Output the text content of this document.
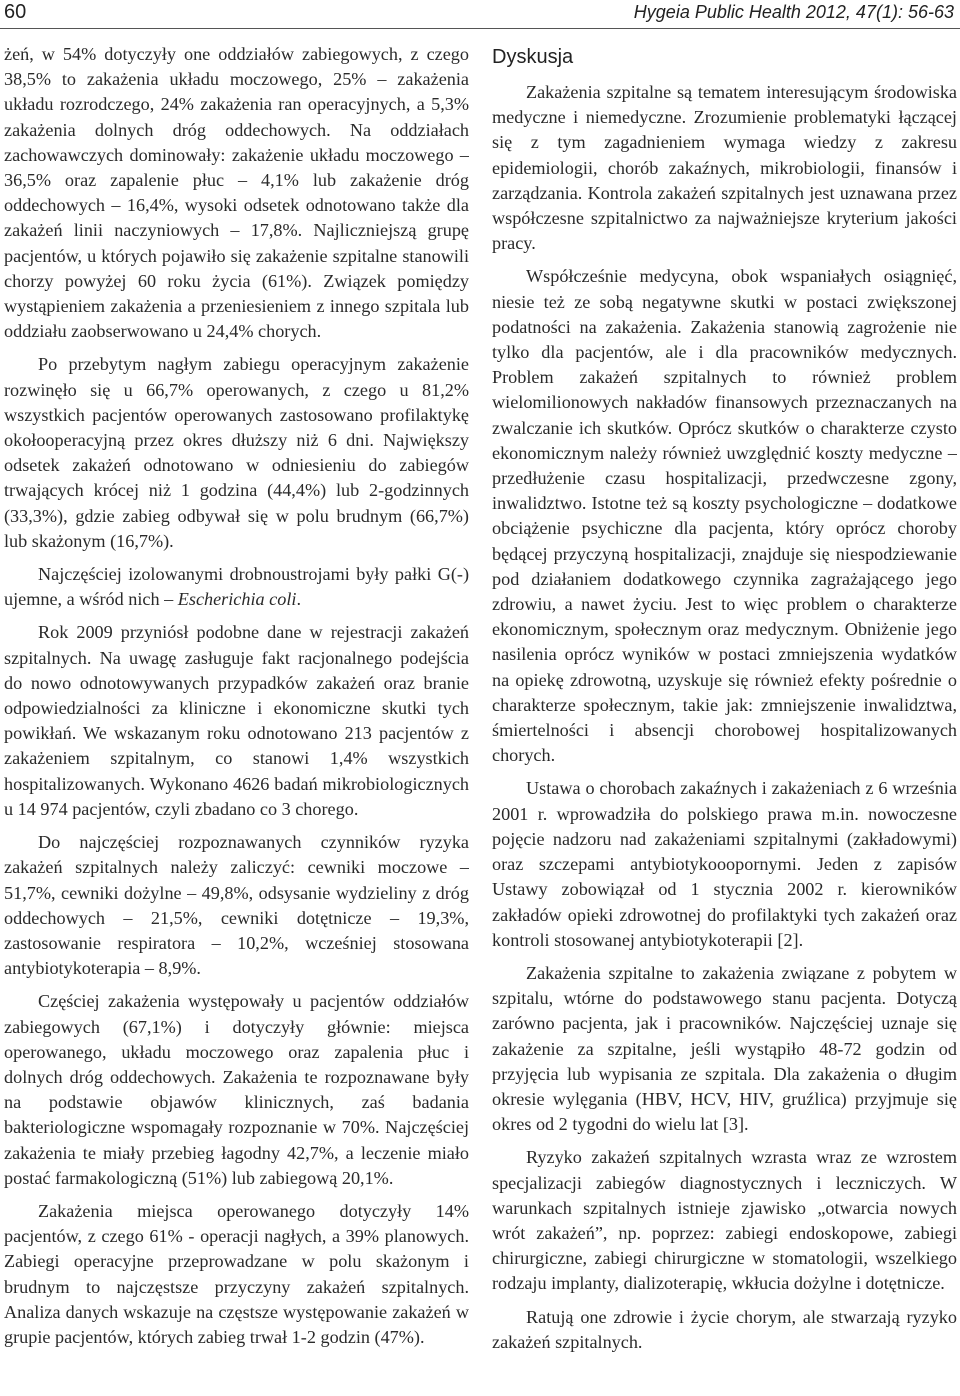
60	Hygeia Public Health 2012, 47(1): 56-63

żeń, w 54% dotyczyły one oddziałów zabiegowych, z czego 38,5% to zakażenia układu moczowego, 25% – zakażenia układu rozrodczego, 24% zakażenia ran operacyjnych, a 5,3% zakażenia dolnych dróg oddechowych. Na oddziałach zachowawczych dominowały: zakażenie układu moczowego – 36,5% oraz zapalenie płuc – 4,1% lub zakażenie dróg oddechowych – 16,4%, wysoki odsetek odnotowano także dla zakażeń linii naczyniowych – 17,8%. Najliczniejszą grupę pacjentów, u których pojawiło się zakażenie szpitalne stanowili chorzy powyżej 60 roku życia (61%). Związek pomiędzy wystąpieniem zakażenia a przeniesieniem z innego szpitala lub oddziału zaobserwowano u 24,4% chorych.

Po przebytym nagłym zabiegu operacyjnym zakażenie rozwinęło się u 66,7% operowanych, z czego u 81,2% wszystkich pacjentów operowanych zastosowano profilaktykę okołooperacyjną przez okres dłuższy niż 6 dni. Największy odsetek zakażeń odnotowano w odniesieniu do zabiegów trwających krócej niż 1 godzina (44,4%) lub 2-godzinnych (33,3%), gdzie zabieg odbywał się w polu brudnym (66,7%) lub skażonym (16,7%).

Najczęściej izolowanymi drobnoustrojami były pałki G(-) ujemne, a wśród nich – Escherichia coli.

Rok 2009 przyniósł podobne dane w rejestracji zakażeń szpitalnych. Na uwagę zasługuje fakt racjonalnego podejścia do nowo odnotowywanych przypadków zakażeń oraz branie odpowiedzialności za kliniczne i ekonomiczne skutki tych powikłań. We wskazanym roku odnotowano 213 pacjentów z zakażeniem szpitalnym, co stanowi 1,4% wszystkich hospitalizowanych. Wykonano 4626 badań mikrobiologicznych u 14 974 pacjentów, czyli zbadano co 3 chorego.

Do najczęściej rozpoznawanych czynników ryzyka zakażeń szpitalnych należy zaliczyć: cewniki moczowe – 51,7%, cewniki dożylne – 49,8%, odsysanie wydzieliny z dróg oddechowych – 21,5%, cewniki dotętnicze – 19,3%, zastosowanie respiratora – 10,2%, wcześniej stosowana antybiotykoterapia – 8,9%.

Częściej zakażenia występowały u pacjentów oddziałów zabiegowych (67,1%) i dotyczyły głównie: miejsca operowanego, układu moczowego oraz zapalenia płuc i dolnych dróg oddechowych. Zakażenia te rozpoznawane były na podstawie objawów klinicznych, zaś badania bakteriologiczne wspomagały rozpoznanie w 70%. Najczęściej zakażenia te miały przebieg łagodny 42,7%, a leczenie miało postać farmakologiczną (51%) lub zabiegową 20,1%.

Zakażenia miejsca operowanego dotyczyły 14% pacjentów, z czego 61% - operacji nagłych, a 39% planowych. Zabiegi operacyjne przeprowadzane w polu skażonym i brudnym to najczęstsze przyczyny zakażeń szpitalnych. Analiza danych wskazuje na częstsze występowanie zakażeń w grupie pacjentów, których zabieg trwał 1-2 godzin (47%).

Dyskusja

Zakażenia szpitalne są tematem interesującym środowiska medyczne i niemedyczne. Zrozumienie problematyki łączącej się z tym zagadnieniem wymaga wiedzy z zakresu epidemiologii, chorób zakaźnych, mikrobiologii, finansów i zarządzania. Kontrola zakażeń szpitalnych jest uznawana przez współczesne szpitalnictwo za najważniejsze kryterium jakości pracy.

Współcześnie medycyna, obok wspaniałych osiągnięć, niesie też ze sobą negatywne skutki w postaci zwiększonej podatności na zakażenia. Zakażenia stanowią zagrożenie nie tylko dla pacjentów, ale i dla pracowników medycznych. Problem zakażeń szpitalnych to również problem wielomilionowych nakładów finansowych przeznaczanych na zwalczanie ich skutków. Oprócz skutków o charakterze czysto ekonomicznym należy również uwzględnić koszty medyczne – przedłużenie czasu hospitalizacji, przedwczesne zgony, inwalidztwo. Istotne też są koszty psychologiczne – dodatkowe obciążenie psychiczne dla pacjenta, który oprócz choroby będącej przyczyną hospitalizacji, znajduje się niespodziewanie pod działaniem dodatkowego czynnika zagrażającego jego zdrowiu, a nawet życiu. Jest to więc problem o charakterze ekonomicznym, społecznym oraz medycznym. Obniżenie jego nasilenia oprócz wyników w postaci zmniejszenia wydatków na opiekę zdrowotną, uzyskuje się również efekty pośrednie o charakterze społecznym, takie jak: zmniejszenie inwalidztwa, śmiertelności i absencji chorobowej hospitalizowanych chorych.

Ustawa o chorobach zakaźnych i zakażeniach z 6 września 2001 r. wprowadziła do polskiego prawa m.in. nowoczesne pojęcie nadzoru nad zakażeniami szpitalnymi (zakładowymi) oraz szczepami antybiotykooopornymi. Jeden z zapisów Ustawy zobowiązał od 1 stycznia 2002 r. kierowników zakładów opieki zdrowotnej do profilaktyki tych zakażeń oraz kontroli stosowanej antybiotykoterapii [2].

Zakażenia szpitalne to zakażenia związane z pobytem w szpitalu, wtórne do podstawowego stanu pacjenta. Dotyczą zarówno pacjenta, jak i pracowników. Najczęściej uznaje się zakażenie za szpitalne, jeśli wystąpiło 48-72 godzin od przyjęcia lub wypisania ze szpitala. Dla zakażenia o długim okresie wylęgania (HBV, HCV, HIV, gruźlica) przyjmuje się okres od 2 tygodni do wielu lat [3].

Ryzyko zakażeń szpitalnych wzrasta wraz ze wzrostem specjalizacji zabiegów diagnostycznych i leczniczych. W warunkach szpitalnych istnieje zjawisko „otwarcia nowych wrót zakażeń”, np. poprzez: zabiegi endoskopowe, zabiegi chirurgiczne, zabiegi chirurgiczne w stomatologii, wszelkiego rodzaju implanty, dializoterapię, wkłucia dożylne i dotętnicze.

Ratują one zdrowie i życie chorym, ale stwarzają ryzyko zakażeń szpitalnych.
